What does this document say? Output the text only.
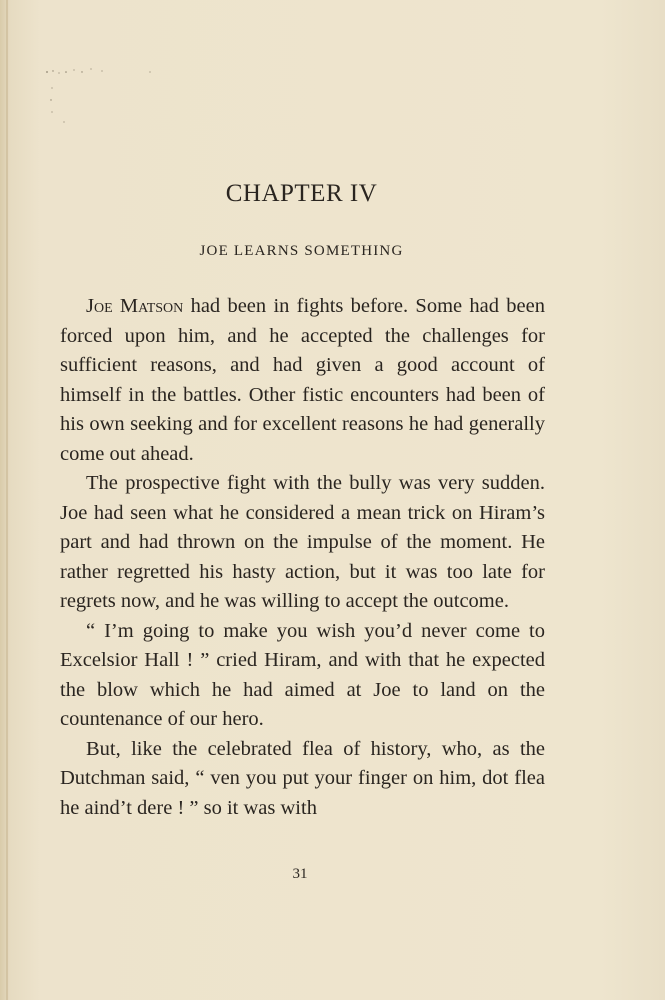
CHAPTER IV
JOE LEARNS SOMETHING

Joe Matson had been in fights before. Some had been forced upon him, and he accepted the challenges for sufficient reasons, and had given a good account of himself in the battles. Other fistic encounters had been of his own seeking and for excellent reasons he had generally come out ahead.

The prospective fight with the bully was very sudden. Joe had seen what he considered a mean trick on Hiram’s part and had thrown on the impulse of the moment. He rather regretted his hasty action, but it was too late for regrets now, and he was willing to accept the outcome.

“ I’m going to make you wish you’d never come to Excelsior Hall ! ” cried Hiram, and with that he expected the blow which he had aimed at Joe to land on the countenance of our hero.

But, like the celebrated flea of history, who, as the Dutchman said, “ ven you put your finger on him, dot flea he aind’t dere ! ” so it was with

31
